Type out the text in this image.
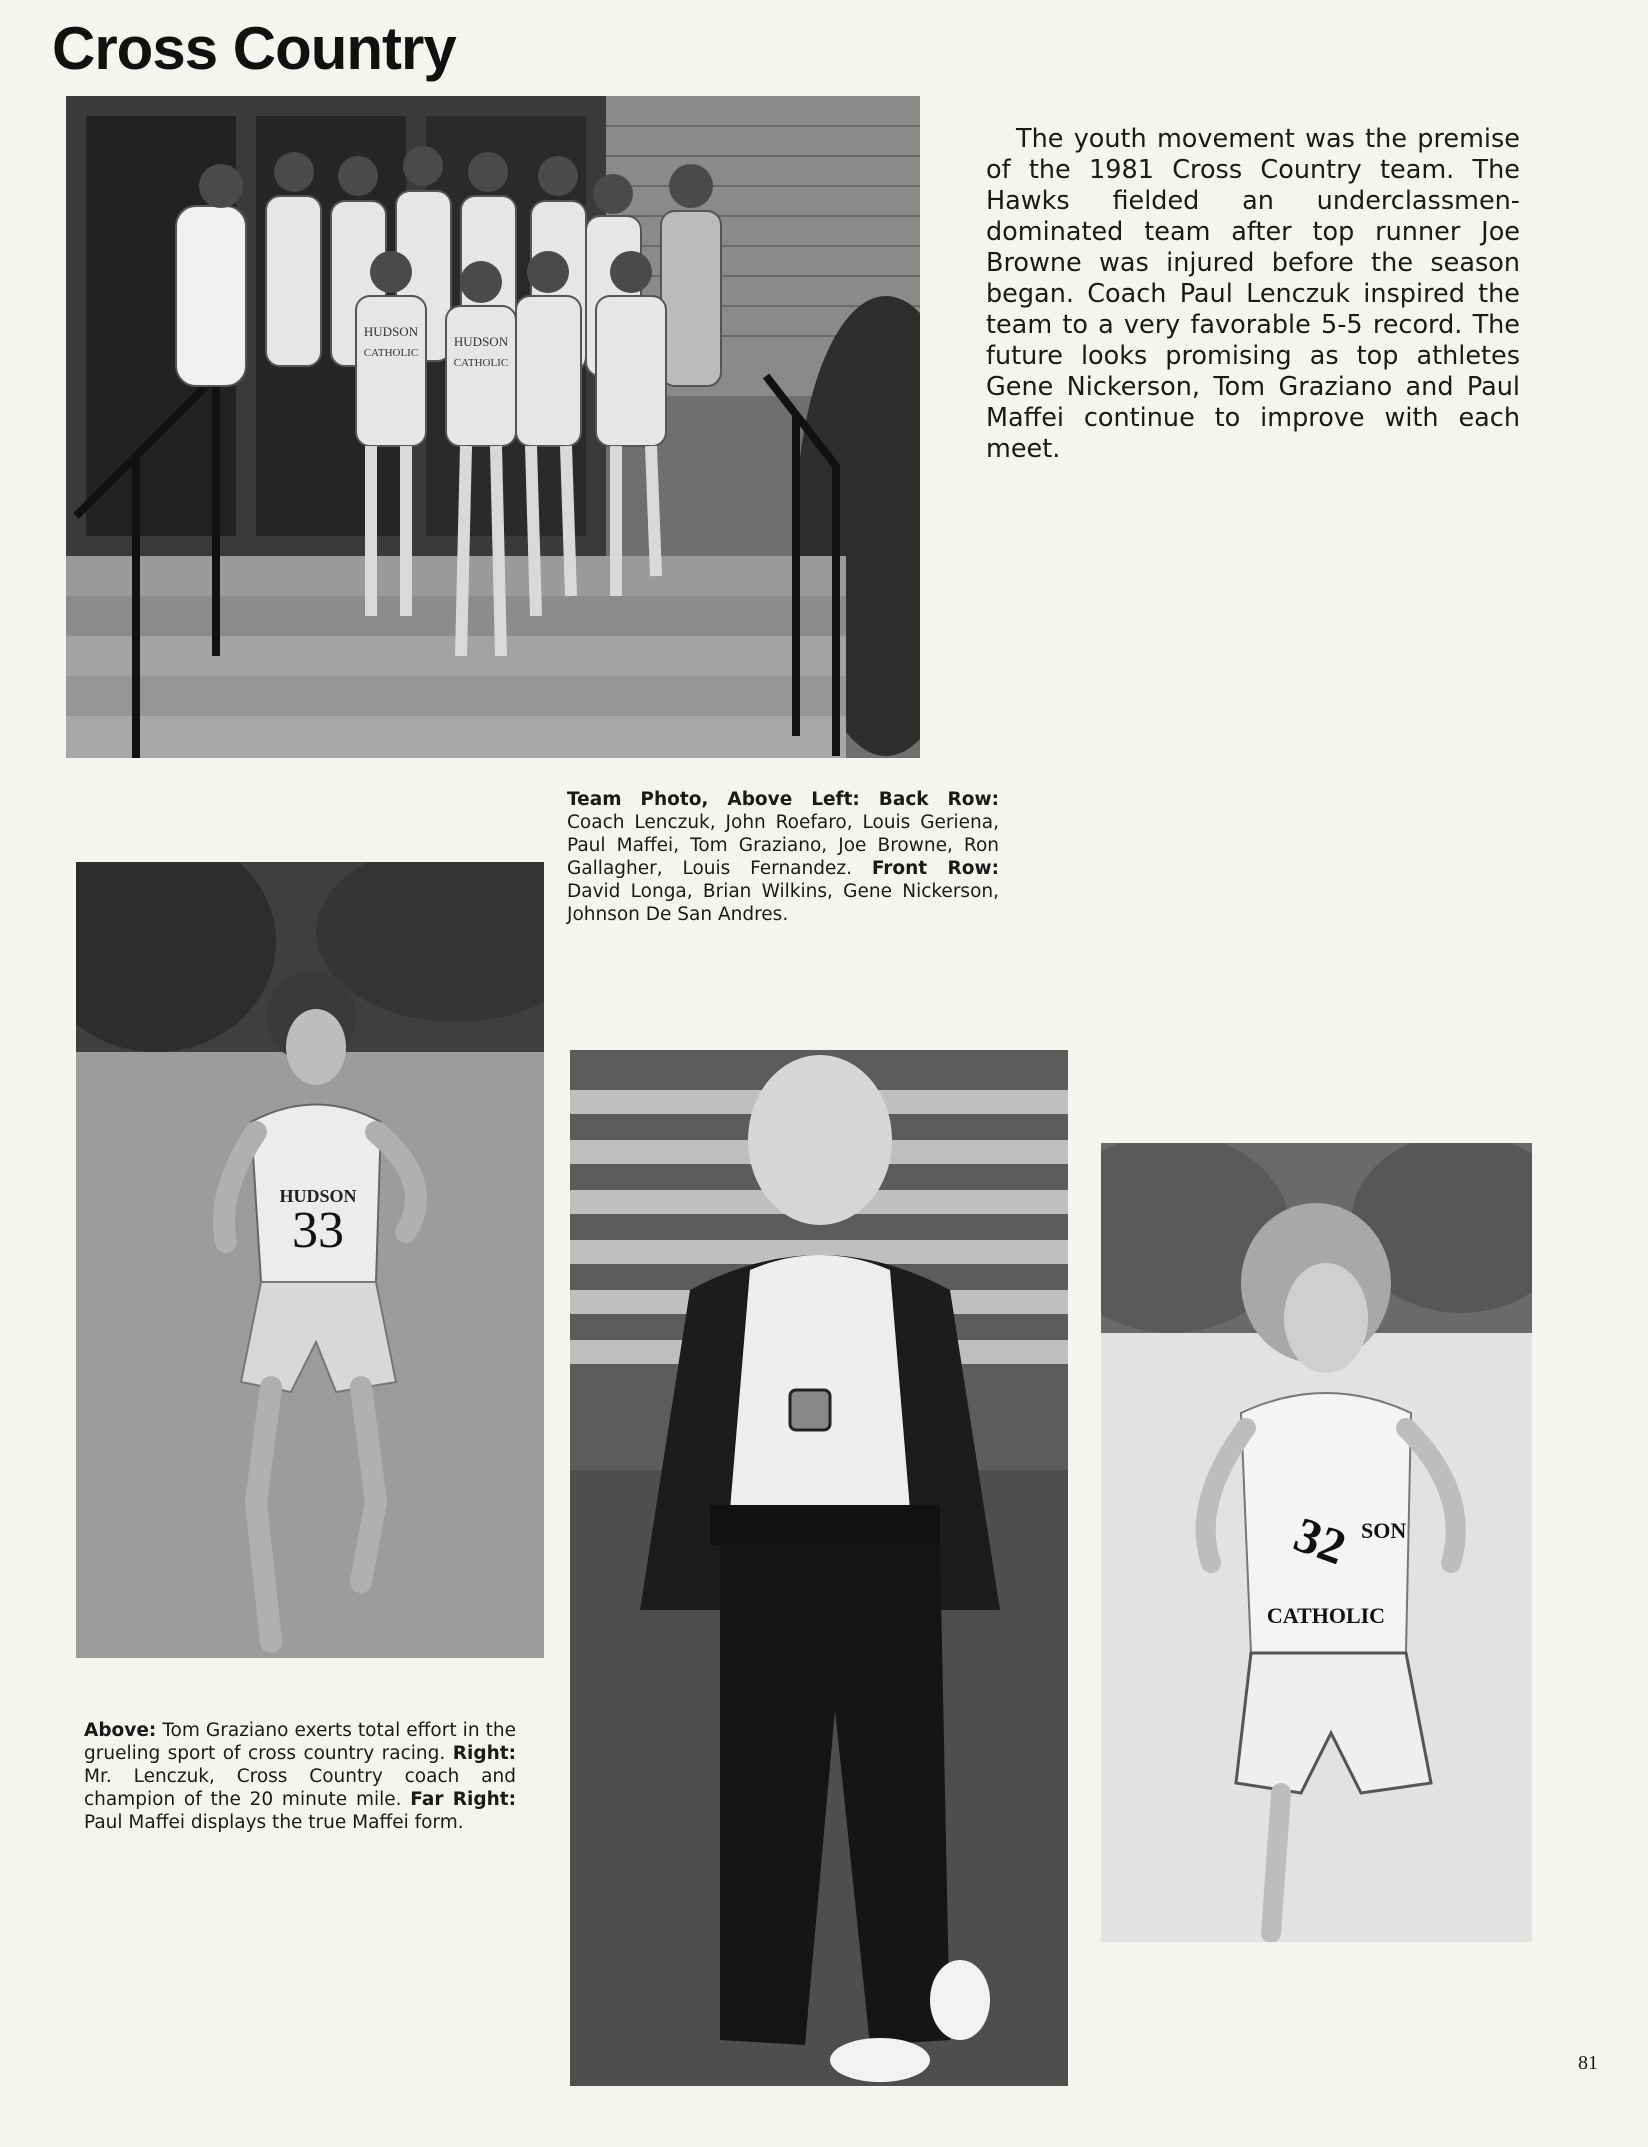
Cross Country
HUDSON
CATHOLIC
HUDSON
CATHOLIC

The youth movement was the premise of the 1981 Cross Country team. The Hawks fielded an underclassmen-dominated team after top runner Joe Browne was injured before the season began. Coach Paul Lenczuk inspired the team to a very favorable 5-5 record. The future looks promising as top athletes Gene Nickerson, Tom Graziano and Paul Maffei continue to improve with each meet.

Team Photo, Above Left: Back Row: Coach Lenczuk, John Roefaro, Louis Geriena, Paul Maffei, Tom Graziano, Joe Browne, Ron Gallagher, Louis Fernandez. Front Row: David Longa, Brian Wilkins, Gene Nickerson, Johnson De San Andres.

HUDSON
33
32 SON
CATHOLIC

Above: Tom Graziano exerts total effort in the grueling sport of cross country racing. Right: Mr. Lenczuk, Cross Country coach and champion of the 20 minute mile. Far Right: Paul Maffei displays the true Maffei form.

81
